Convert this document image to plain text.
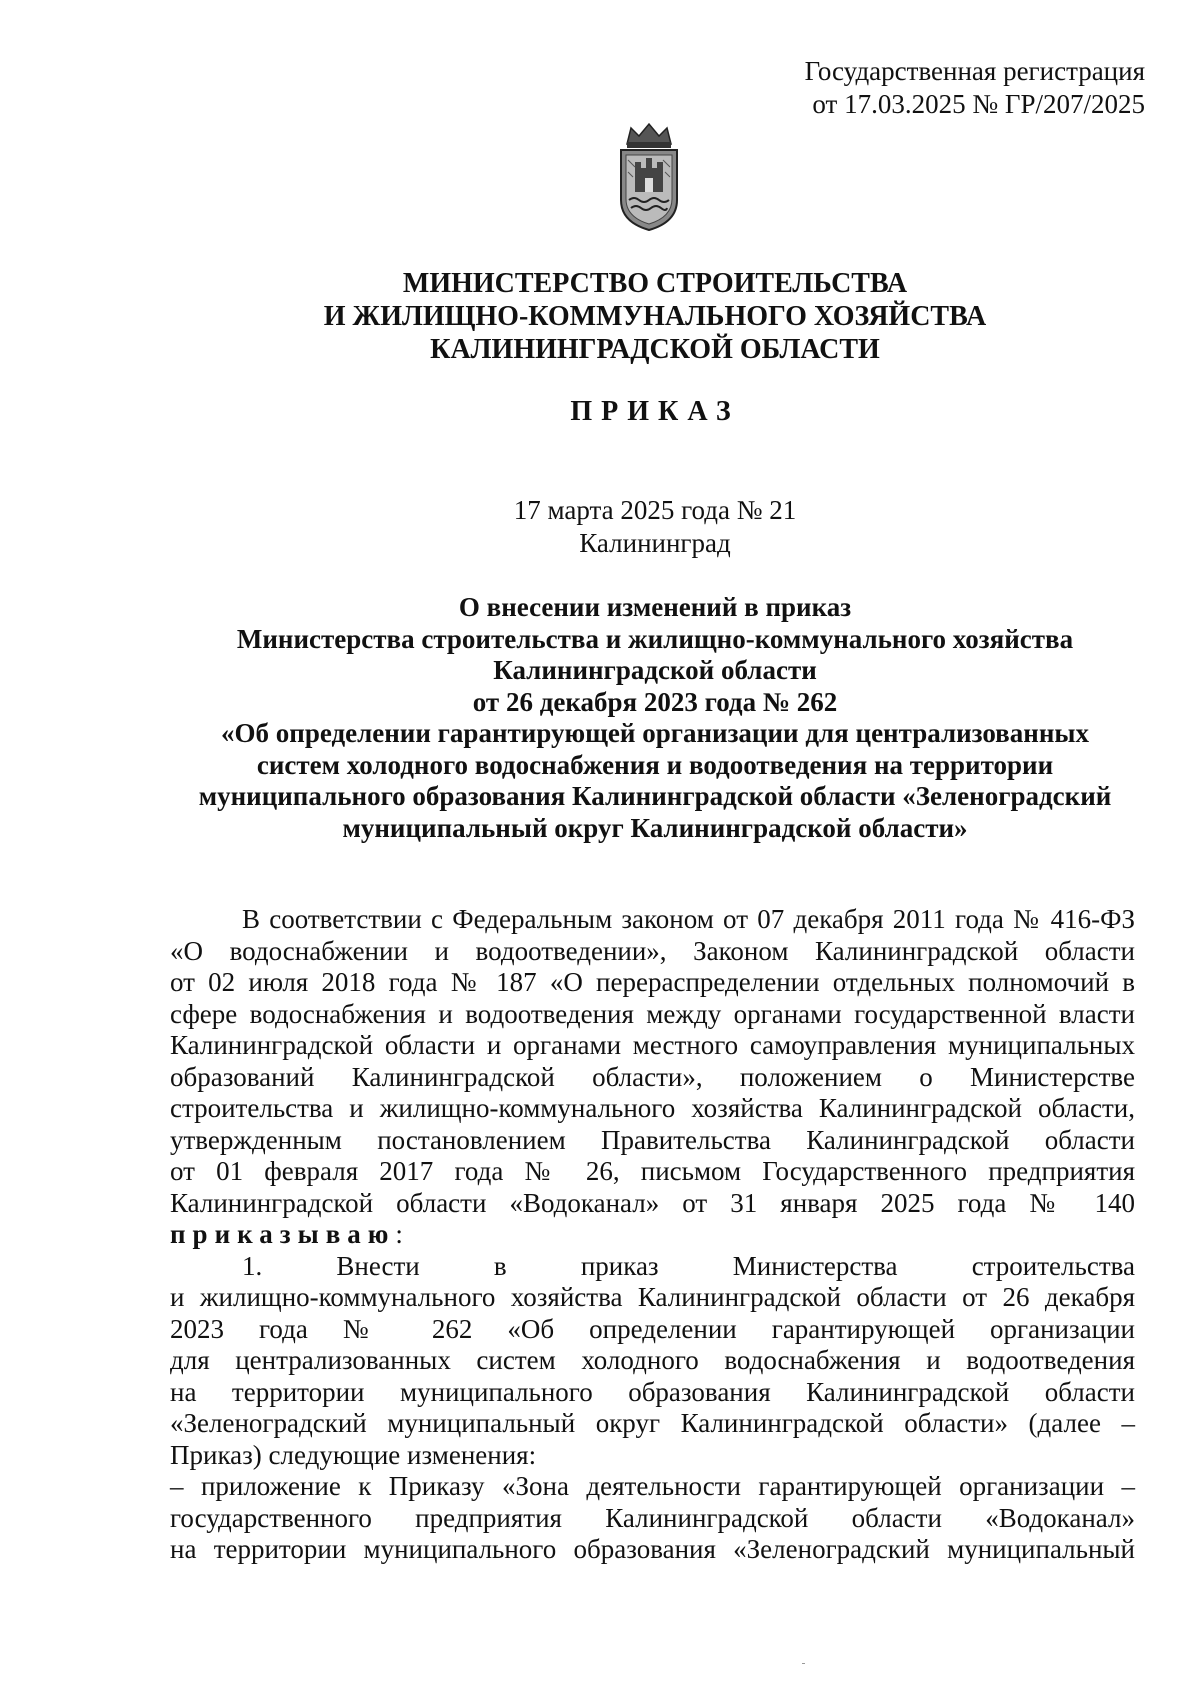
Государственная регистрация
от 17.03.2025 № ГР/207/2025
МИНИСТЕРСТВО СТРОИТЕЛЬСТВА
И ЖИЛИЩНО-КОММУНАЛЬНОГО ХОЗЯЙСТВА
КАЛИНИНГРАДСКОЙ ОБЛАСТИ
ПРИКАЗ
17 марта 2025 года № 21
Калининград
О внесении изменений в приказ
Министерства строительства и жилищно-коммунального хозяйства
Калининградской области
от 26 декабря 2023 года № 262
«Об определении гарантирующей организации для централизованных
систем холодного водоснабжения и водоотведения на территории
муниципального образования Калининградской области «Зеленоградский
муниципальный округ Калининградской области»
В соответствии с Федеральным законом от 07 декабря 2011 года № 416-ФЗ
«О водоснабжении и водоотведении», Законом Калининградской области
от 02 июля 2018 года № 187 «О перераспределении отдельных полномочий в
сфере водоснабжения и водоотведения между органами государственной власти
Калининградской области и органами местного самоуправления муниципальных
образований Калининградской области», положением о Министерстве
строительства и жилищно-коммунального хозяйства Калининградской области,
утвержденным постановлением Правительства Калининградской области
от 01 февраля 2017 года № 26, письмом Государственного предприятия
Калининградской области «Водоканал» от 31 января 2025 года № 140
приказываю:
1. Внести в приказ Министерства строительства
и жилищно-коммунального хозяйства Калининградской области от 26 декабря
2023 года № 262 «Об определении гарантирующей организации
для централизованных систем холодного водоснабжения и водоотведения
на территории муниципального образования Калининградской области
«Зеленоградский муниципальный округ Калининградской области» (далее –
Приказ) следующие изменения:
– приложение к Приказу «Зона деятельности гарантирующей организации –
государственного предприятия Калининградской области «Водоканал»
на территории муниципального образования «Зеленоградский муниципальный
